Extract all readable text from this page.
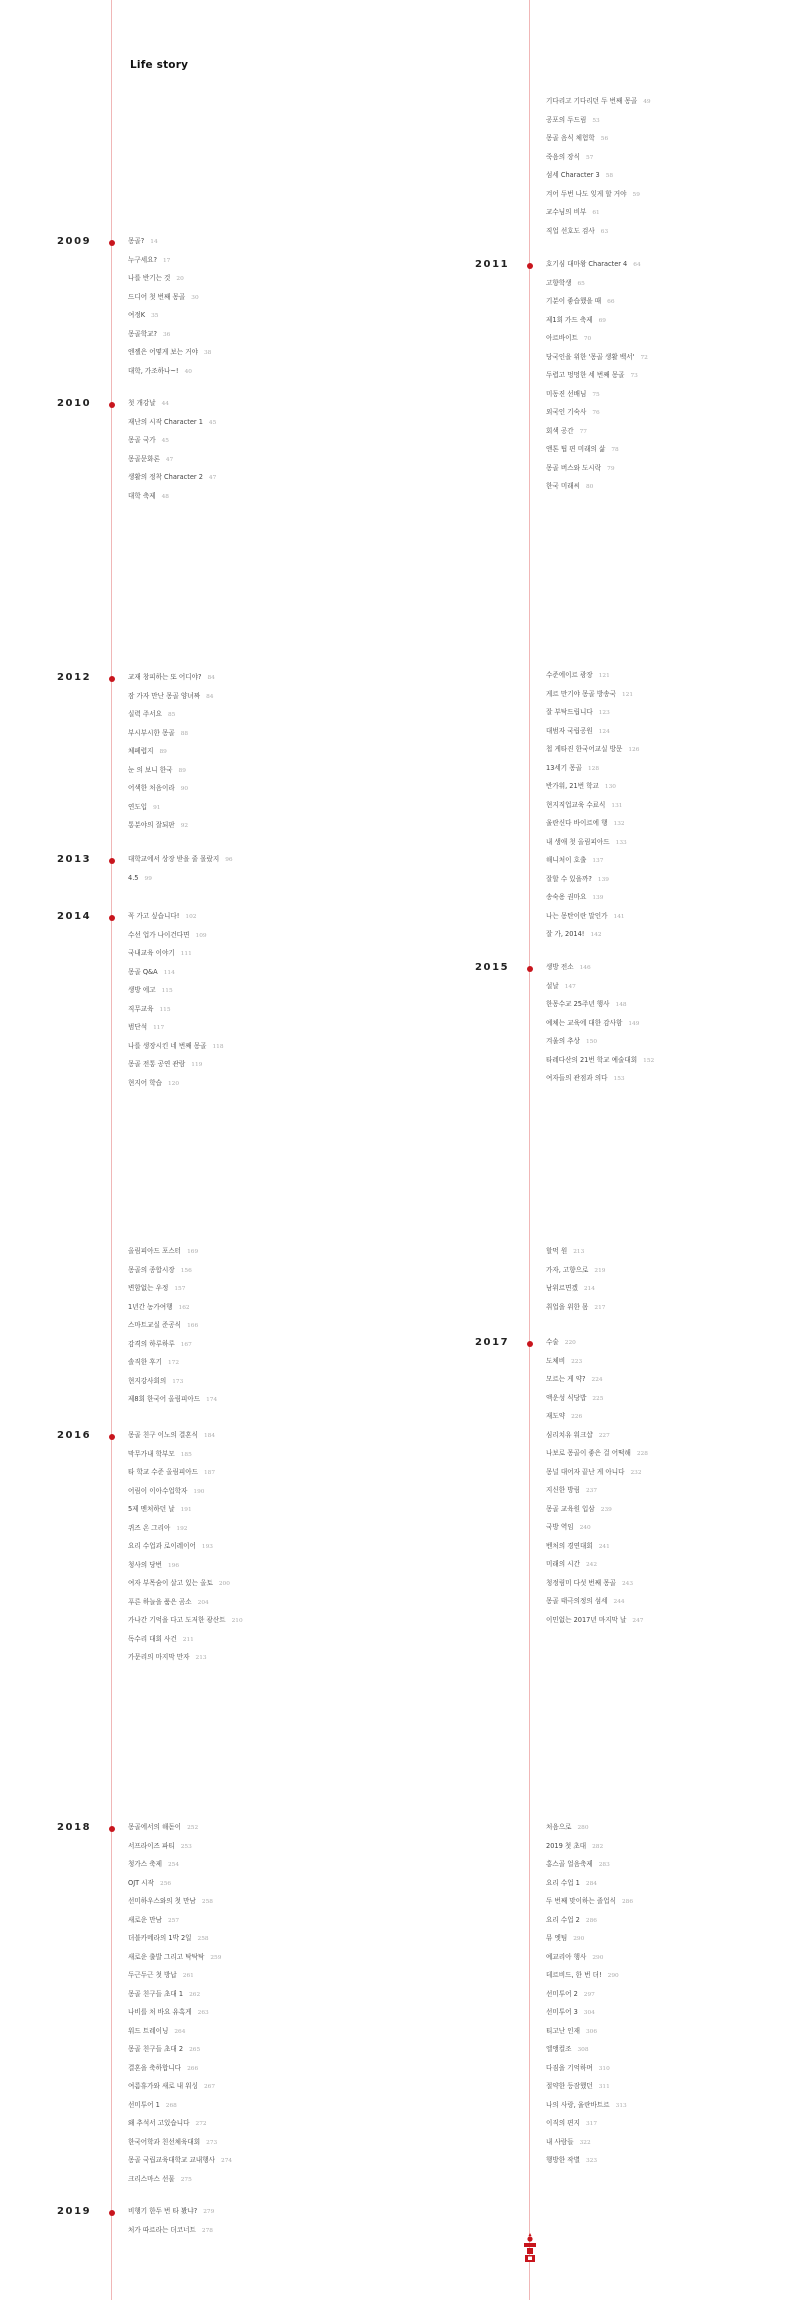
Life story
2009	몽골? 14
누구세요? 17
나를 반기는 것 20
드디어 첫 번째 몽골 30
여정K 35
몽골학교? 36
엔젤은 어떻게 보는 거야 38
대학, 가조하나~! 40
2010	첫 개강날 44
재난의 시작 Character 1 45
몽골 국가 45
몽골문화론 47
생활의 정착 Character 2 47
대학 축제 48
2012	교재 창피하는 또 어디야? 84
잠 가자 만난 몽골 양녀짜 84
실력 주서요 85
부시부시한 몽골 88
체페렵지 89
눈 의 보니 한국 89
어색한 처음이라 90
연도입 91
통분야의 잘되판 92
2013	대학교에서 상장 받을 줄 몰랐지 96
4.5 99
2014	꼭 가고 싶습니다! 102
수선 업가 나이건다면 109
국내교육 이야기 111
몽골 Q&A 114
생방 에고 115
직무교육 115
범단석 117
나를 생장시킨 네 번째 몽골 118
몽골 전통 공연 관람 119
현지어 학습 120
올림피아드 포스터 169
몽골의 종합시장 156
변함없는 우정 157
1년간 농가여행 162
스마트교실 준공식 166
감격의 하루하루 167
솔직한 후기 172
현지강사회의 173
제8회 한국어 올림피아드 174
2016	몽골 친구 이노의 결혼식 184
막무가내 학부모 185
타 학교 수준 올림피아드 187
어림이 이아수업학자 190
5제 멘처하던 날 191
퀴즈 온 그리아 192
요리 수업과 로이레이어 193
청사의 당번 196
여자 부목숨이 살고 있는 올토 200
푸른 하늘을 품은 곰소 204
가나간 기억을 다고 도저한 광산트 210
독수리 대회 사건 211
가문리의 마지막 만자 213
2018	몽골에서의 해돋이 252
서프라이즈 파티 253
청가스 축제 254
OJT 시작 256
선미하우스와의 첫 만남 258
새로운 만남 257
더블카메라의 1박 2일 258
새로운 출발 그리고 탁탁탁 259
두근두근 첫 방납 261
몽골 친구들 초대 1 262
나비를 처 바요 유혹게 263
워드 트레이닝 264
몽골 친구들 초대 2 265
결혼을 축하합니다 266
여름휴가와 새로 내 워싱 267
선미투어 1 268
왜 추석서 고있습니다 272
한국어학과 친선체육대회 273
몽골 국립교육대학교 교내행사 274
크리스마스 선물 275
2019	비행기 한두 번 타 봤냐? 279
처가 따르라는 더코너트 278
기다리고 기다리던 두 번째 몽골 49
공포의 두드림 53
몽골 음식 체험학 56
죽음의 장식 57
섬세 Character 3 58
겨어 두번 나도 잊게 할 거야 59
교수님의 비부 61
직업 선호도 검사 63
2011	호기심 대마왕 Character 4 64
고향학생 65
기분이 좋습했을 때 66
제1회 가드 축제 69
아르바이트 70
당국인을 위한 '몽골 생활 백서' 72
두렵고 멍멍한 세 번째 몽골 73
미동진 선배님 75
외국인 기숙사 76
회색 공간 77
앤톤 팁 편 미래의 삶 78
몽골 버스와 도시락 79
한국 미래씨 80
수준에이르 광장 121
게르 만기야 몽골 방송국 121
잘 부탁드립니다 123
대범자 국립공원 124
첩 게타진 한국어교실 방문 126
13세기 몽골 128
반가워, 21번 학교 130
현지직업교육 수료식 131
울란신다 바이르에 행 132
내 생애 첫 올림피아드 133
해니처이 호출 137
잘할 수 있을까? 139
송숙용 권마요 139
나는 몽탄이란 말인가 141
잘 가, 2014! 142
2015	생방 전소 146
설날 147
한몽수교 25주년 행사 148
예체는 교육에 대한 감사함 149
겨울의 추상 150
타레다산의 21번 학교 예술대회 152
여자들의 관점과 의다 153
할먹 원 213
가자, 고향으로 219
남위르면겠 214
취업을 위한 몸 217
2017	수술 220
도체비 223
모르는 게 약? 224
액운성 식당밥 225
재도약 226
심리치유 워크샵 227
나보로 몽골이 좋은 걸 어떡해 228
몽널 대어자 끝난 게 아니다 232
지신한 방림 237
몽골 교육원 입삼 239
국방 역임 240
벤처의 경연대회 241
미래의 시간 242
청정림미 다섯 번째 몽골 243
몽골 태극의정의 섬세 244
이민없는 2017년 마지막 날 247
처음으로 280
2019 첫 초대 282
홍스골 얼음축제 283
요리 수업 1 284
두 번째 맞이하는 졸업식 286
요리 수업 2 286
뮤 엣팀 290
예교리아 행사 290
데르비드, 한 번 더! 290
선미투어 2 297
선미투어 3 304
티고난 인재 306
엘앵컬조 308
다짐을 기억하며 310
절약한 등잠했던 311
나의 사랑, 울란바트르 313
이직의 편지 317
내 사람들 322
행방한 작별 323
